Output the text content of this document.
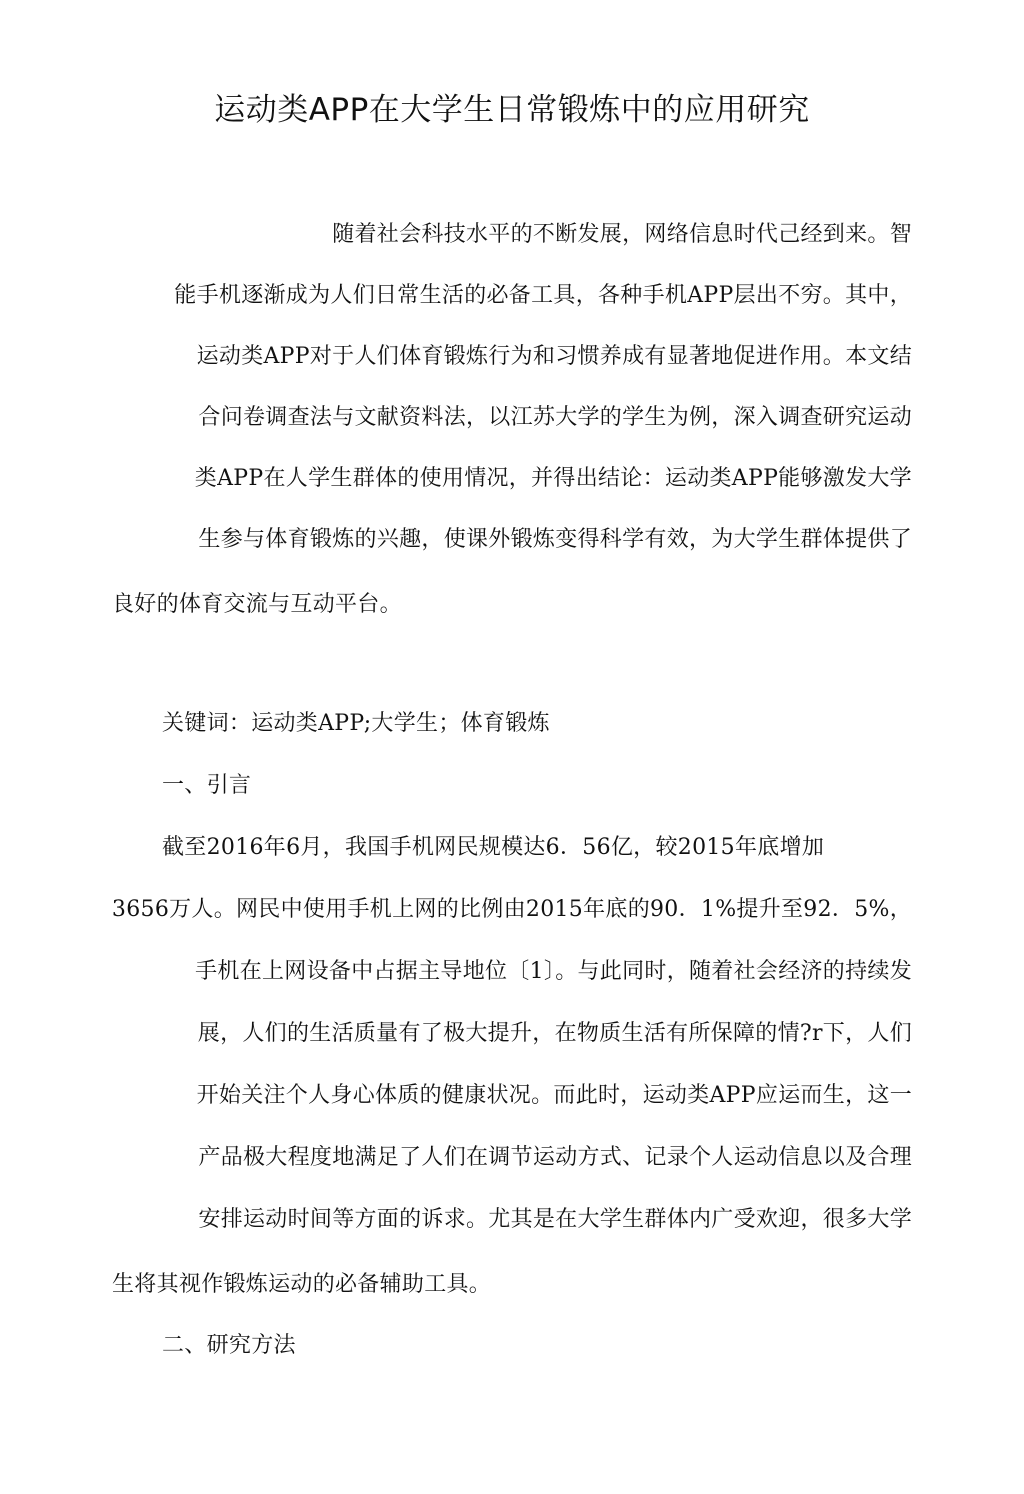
运动类APP在大学生日常锻炼中的应用研究
随着社会科技水平的不断发展，网络信息时代己经到来。智
能手机逐渐成为人们日常生活的必备工具，各种手机APP层出不穷。其中，
运动类APP对于人们体育锻炼行为和习惯养成有显著地促进作用。本文结
合问卷调查法与文献资料法，以江苏大学的学生为例，深入调查研究运动
类APP在人学生群体的使用情况，并得出结论：运动类APP能够激发大学
生参与体育锻炼的兴趣，使课外锻炼变得科学有效，为大学生群体提供了
良好的体育交流与互动平台。
关键词：运动类APP;大学生；体育锻炼
一、引言
截至2016年6月，我国手机网民规模达6．56亿，较2015年底增加
3656万人。网民中使用手机上网的比例由2015年底的90．1%提升至92．5%，
手机在上网设备中占据主导地位〔1〕。与此同时，随着社会经济的持续发
展，人们的生活质量有了极大提升，在物质生活有所保障的情?r下，人们
开始关注个人身心体质的健康状况。而此时，运动类APP应运而生，这一
产品极大程度地满足了人们在调节运动方式、记录个人运动信息以及合理
安排运动时间等方面的诉求。尤其是在大学生群体内广受欢迎，很多大学
生将其视作锻炼运动的必备辅助工具。
二、研究方法
